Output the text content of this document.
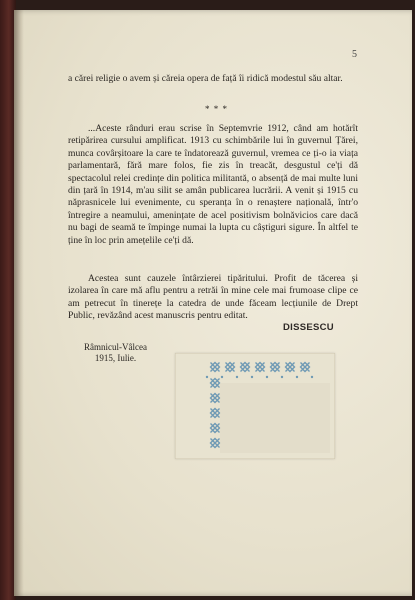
5
a cărei religie o avem și căreia opera de față îi ridică modestul său altar.
* * *
...Aceste rânduri erau scrise în Septemvrie 1912, când am hotărît retipărirea cursului amplificat. 1913 cu schimbările lui în guvernul Țărei, munca covârșitoare la care te îndatorează guvernul, vremea ce ți-o ia viața parlamentară, fără mare folos, fie zis în treacăt, desgustul ce'ți dă spectacolul relei credințe din politica militantă, o absență de mai multe luni din țară în 1914, m'au silit se amân publicarea lucrării. A venit și 1915 cu năprasnicele lui evenimente, cu speranța în o renaștere națională, într'o întregire a neamului, amenințate de acel positivism bolnăvicios care dacă nu bagi de seamă te împinge numai la lupta cu câștiguri sigure. În altfel te ține în loc prin amețelile ce'ți dă.
Acestea sunt cauzele întârzierei tipăritului. Profit de tăcerea și izolarea în care mă aflu pentru a retrăi în mine cele mai frumoase clipe ce am petrecut în tinerețe la catedra de unde făceam lecțiunile de Drept Public, revăzând acest manuscris pentru editat.
DISSESCU
Râmnicul-Vâlcea
1915, Iulie.
